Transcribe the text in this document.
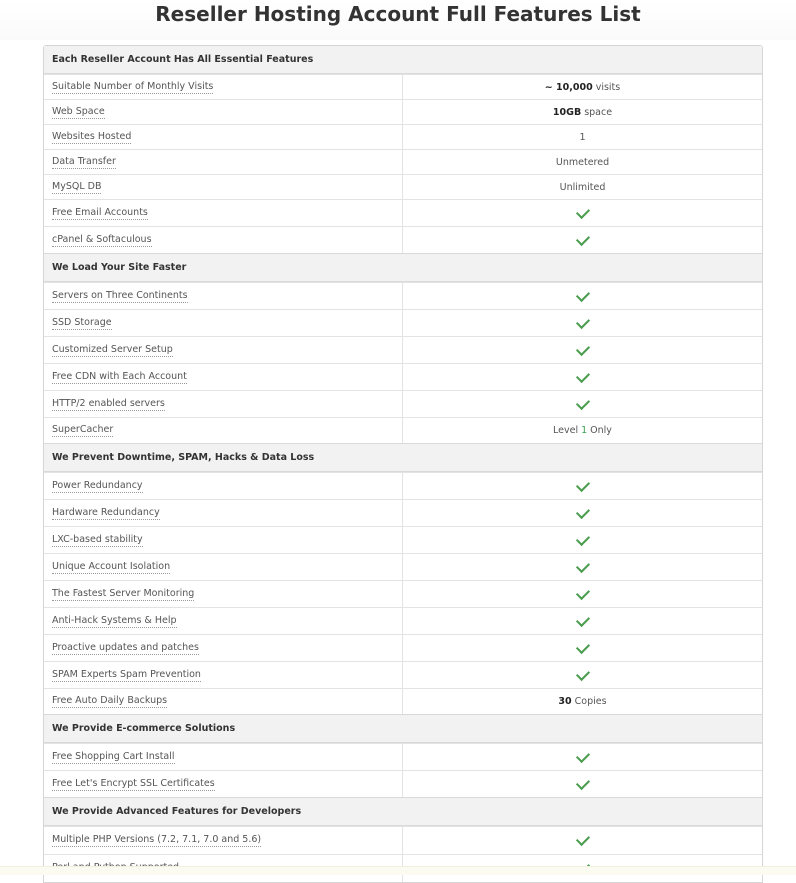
Reseller Hosting Account Full Features List
Each Reseller Account Has All Essential Features
Suitable Number of Monthly Visits	~ 10,000 visits
Web Space	10GB space
Websites Hosted	1
Data Transfer	Unmetered
MySQL DB	Unlimited
Free Email Accounts
cPanel & Softaculous
We Load Your Site Faster
Servers on Three Continents
SSD Storage
Customized Server Setup
Free CDN with Each Account
HTTP/2 enabled servers
SuperCacher	Level 1 Only
We Prevent Downtime, SPAM, Hacks & Data Loss
Power Redundancy
Hardware Redundancy
LXC-based stability
Unique Account Isolation
The Fastest Server Monitoring
Anti-Hack Systems & Help
Proactive updates and patches
SPAM Experts Spam Prevention
Free Auto Daily Backups	30 Copies
We Provide E-commerce Solutions
Free Shopping Cart Install
Free Let's Encrypt SSL Certificates
We Provide Advanced Features for Developers
Multiple PHP Versions (7.2, 7.1, 7.0 and 5.6)
